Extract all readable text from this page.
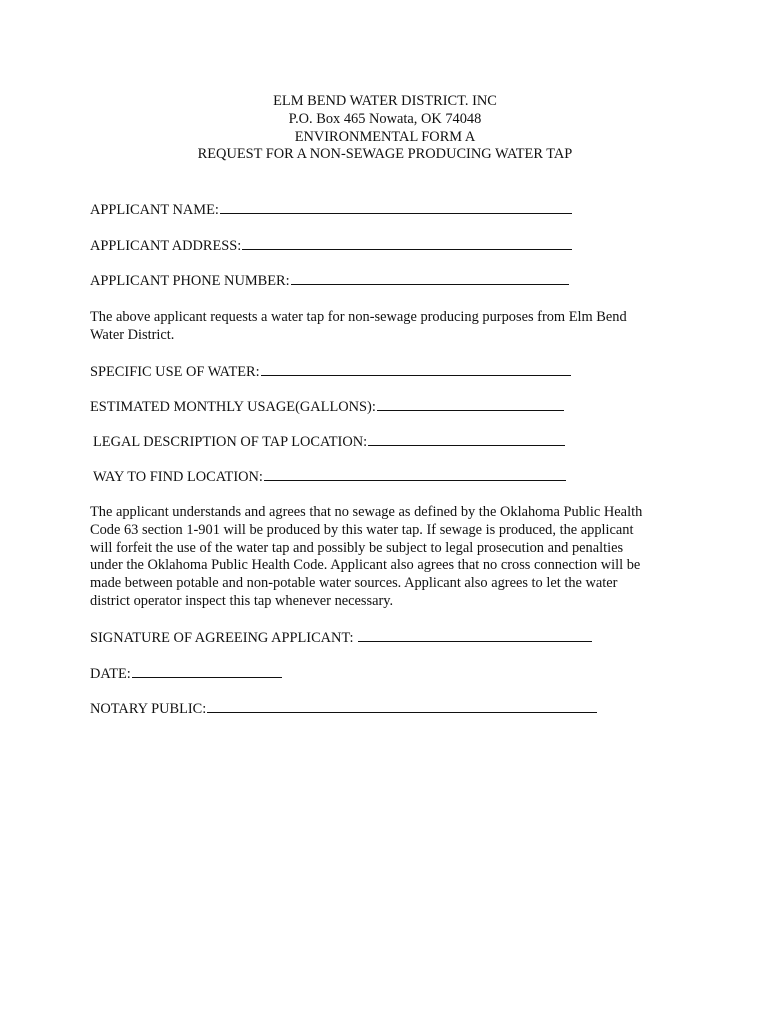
ELM BEND WATER DISTRICT. INC
P.O. Box 465 Nowata, OK 74048
ENVIRONMENTAL FORM A
REQUEST FOR A NON-SEWAGE PRODUCING WATER TAP
APPLICANT NAME:
APPLICANT ADDRESS:
APPLICANT PHONE NUMBER:
The above applicant requests a water tap for non-sewage producing purposes from Elm Bend
Water District.
SPECIFIC USE OF WATER:
ESTIMATED MONTHLY USAGE(GALLONS):
LEGAL DESCRIPTION OF TAP LOCATION:
WAY TO FIND LOCATION:
The applicant understands and agrees that no sewage as defined by the Oklahoma Public Health
Code 63 section 1-901 will be produced by this water tap. If sewage is produced, the applicant
will forfeit the use of the water tap and possibly be subject to legal prosecution and penalties
under the Oklahoma Public Health Code. Applicant also agrees that no cross connection will be
made between potable and non-potable water sources. Applicant also agrees to let the water
district operator inspect this tap whenever necessary.
SIGNATURE OF AGREEING APPLICANT:
DATE:
NOTARY PUBLIC:
